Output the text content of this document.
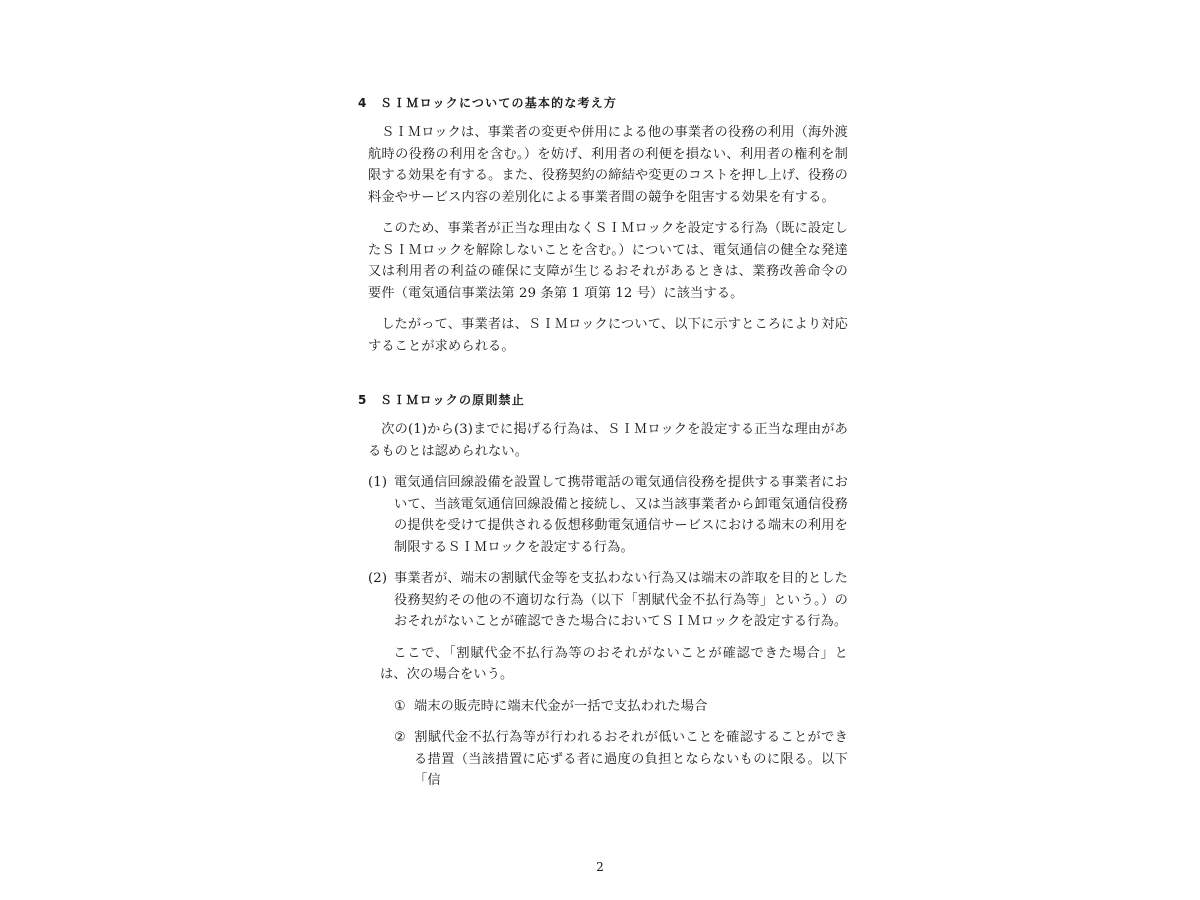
4 ＳＩＭロックについての基本的な考え方

ＳＩＭロックは、事業者の変更や併用による他の事業者の役務の利用（海外渡航時の役務の利用を含む。）を妨げ、利用者の利便を損ない、利用者の権利を制限する効果を有する。また、役務契約の締結や変更のコストを押し上げ、役務の料金やサービス内容の差別化による事業者間の競争を阻害する効果を有する。

このため、事業者が正当な理由なくＳＩＭロックを設定する行為（既に設定したＳＩＭロックを解除しないことを含む。）については、電気通信の健全な発達又は利用者の利益の確保に支障が生じるおそれがあるときは、業務改善命令の要件（電気通信事業法第 29 条第 1 項第 12 号）に該当する。

したがって、事業者は、ＳＩＭロックについて、以下に示すところにより対応することが求められる。

5 ＳＩＭロックの原則禁止

次の(1)から(3)までに掲げる行為は、ＳＩＭロックを設定する正当な理由があるものとは認められない。

(1) 電気通信回線設備を設置して携帯電話の電気通信役務を提供する事業者において、当該電気通信回線設備と接続し、又は当該事業者から卸電気通信役務の提供を受けて提供される仮想移動電気通信サービスにおける端末の利用を制限するＳＩＭロックを設定する行為。

(2) 事業者が、端末の割賦代金等を支払わない行為又は端末の詐取を目的とした役務契約その他の不適切な行為（以下「割賦代金不払行為等」という。）のおそれがないことが確認できた場合においてＳＩＭロックを設定する行為。

ここで、「割賦代金不払行為等のおそれがないことが確認できた場合」とは、次の場合をいう。

① 端末の販売時に端末代金が一括で支払われた場合

② 割賦代金不払行為等が行われるおそれが低いことを確認することができる措置（当該措置に応ずる者に過度の負担とならないものに限る。以下「信

2
